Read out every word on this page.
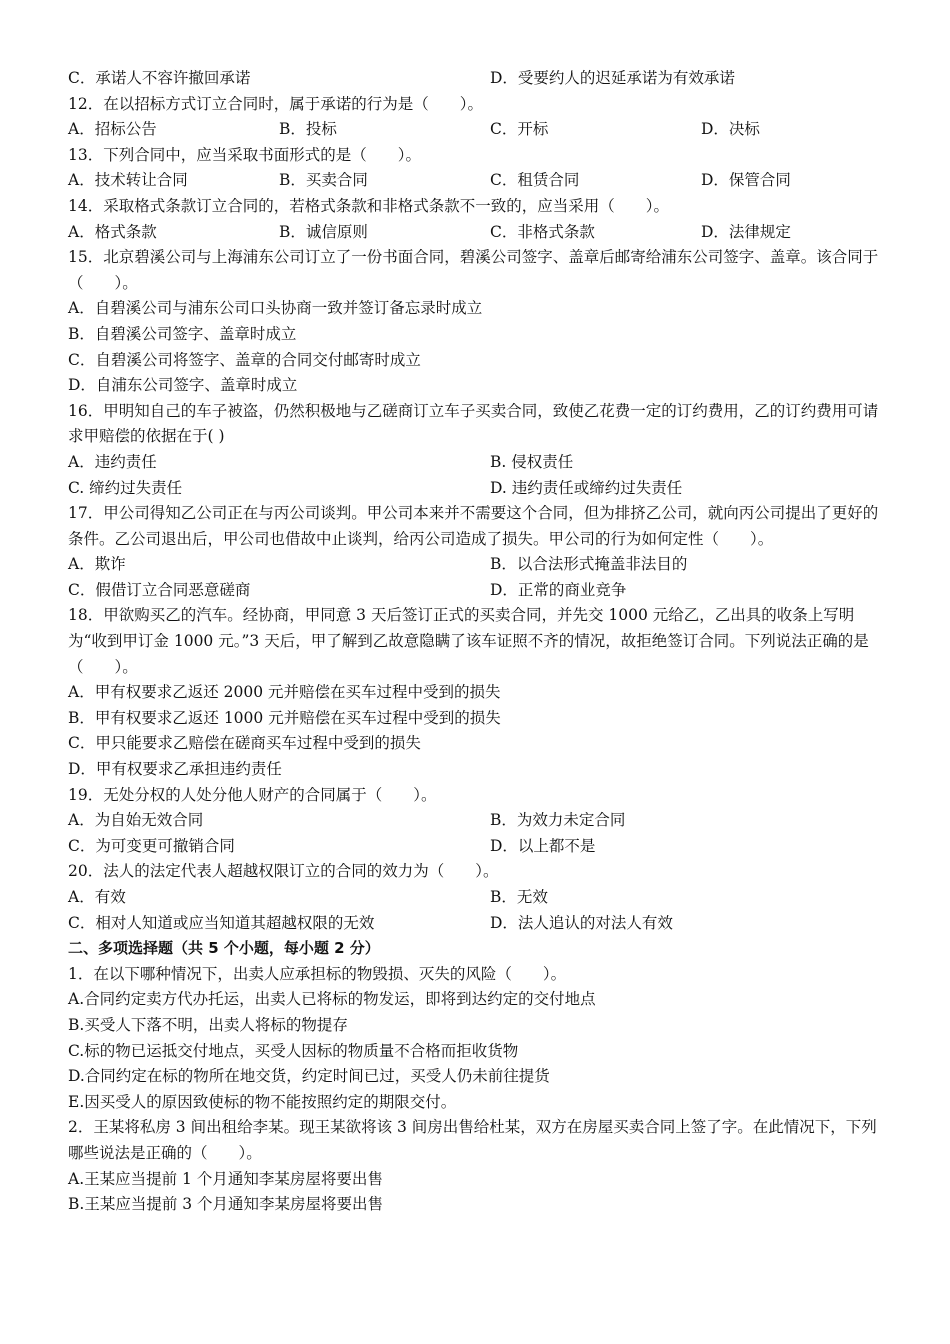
C．承诺人不容许撤回承诺	D．受要约人的迟延承诺为有效承诺
12．在以招标方式订立合同时，属于承诺的行为是（　　）。
A．招标公告	B．投标	C．开标	D．决标
13．下列合同中，应当采取书面形式的是（　　）。
A．技术转让合同	B．买卖合同	C．租赁合同	D．保管合同
14．采取格式条款订立合同的，若格式条款和非格式条款不一致的，应当采用（　　）。
A．格式条款	B．诚信原则	C．非格式条款	D．法律规定
15．北京碧溪公司与上海浦东公司订立了一份书面合同，碧溪公司签字、盖章后邮寄给浦东公司签字、盖章。该合同于（　　）。
A．自碧溪公司与浦东公司口头协商一致并签订备忘录时成立
B．自碧溪公司签字、盖章时成立
C．自碧溪公司将签字、盖章的合同交付邮寄时成立
D．自浦东公司签字、盖章时成立
16．甲明知自己的车子被盗，仍然积极地与乙磋商订立车子买卖合同，致使乙花费一定的订约费用，乙的订约费用可请求甲赔偿的依据在于( )
A．违约责任	B. 侵权责任
C. 缔约过失责任	D. 违约责任或缔约过失责任
17．甲公司得知乙公司正在与丙公司谈判。甲公司本来并不需要这个合同，但为排挤乙公司，就向丙公司提出了更好的条件。乙公司退出后，甲公司也借故中止谈判，给丙公司造成了损失。甲公司的行为如何定性（　　）。
A．欺诈	B．以合法形式掩盖非法目的
C．假借订立合同恶意磋商	D．正常的商业竞争
18．甲欲购买乙的汽车。经协商，甲同意 3 天后签订正式的买卖合同，并先交 1000 元给乙，乙出具的收条上写明为“收到甲订金 1000 元。”3 天后，甲了解到乙故意隐瞒了该车证照不齐的情况，故拒绝签订合同。下列说法正确的是（　　）。
A．甲有权要求乙返还 2000 元并赔偿在买车过程中受到的损失
B．甲有权要求乙返还 1000 元并赔偿在买车过程中受到的损失
C．甲只能要求乙赔偿在磋商买车过程中受到的损失
D．甲有权要求乙承担违约责任
19．无处分权的人处分他人财产的合同属于（　　）。
A．为自始无效合同	B．为效力未定合同
C．为可变更可撤销合同	D．以上都不是
20．法人的法定代表人超越权限订立的合同的效力为（　　）。
A．有效	B．无效
C．相对人知道或应当知道其超越权限的无效	D．法人追认的对法人有效
二、多项选择题（共 5 个小题，每小题 2 分）
1．在以下哪种情况下，出卖人应承担标的物毁损、灭失的风险（　　）。
A.合同约定卖方代办托运，出卖人已将标的物发运，即将到达约定的交付地点
B.买受人下落不明，出卖人将标的物提存
C.标的物已运抵交付地点，买受人因标的物质量不合格而拒收货物
D.合同约定在标的物所在地交货，约定时间已过，买受人仍未前往提货
E.因买受人的原因致使标的物不能按照约定的期限交付。
2．王某将私房 3 间出租给李某。现王某欲将该 3 间房出售给杜某，双方在房屋买卖合同上签了字。在此情况下，下列哪些说法是正确的（　　）。
A.王某应当提前 1 个月通知李某房屋将要出售
B.王某应当提前 3 个月通知李某房屋将要出售
